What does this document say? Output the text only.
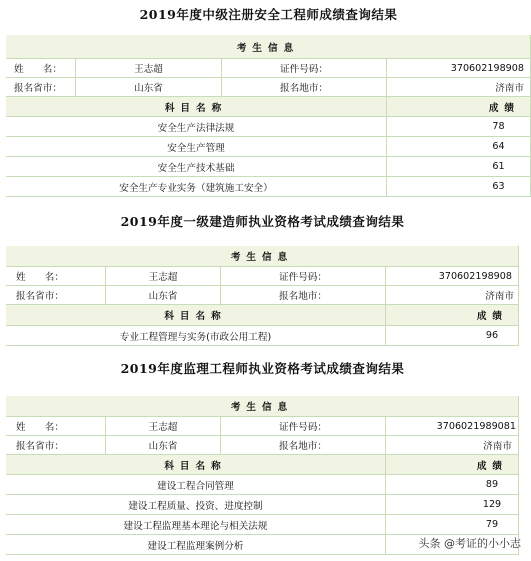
2019年度中级注册安全工程师成绩查询结果
考生信息
姓　　名：	王志超	证件号码：	370602198908
报名省市：	山东省	报名地市：	济南市
科目名称	成绩
安全生产法律法规	78
安全生产管理	64
安全生产技术基础	61
安全生产专业实务（建筑施工安全）	63
2019年度一级建造师执业资格考试成绩查询结果
考生信息
姓　　名：	王志超	证件号码：	370602198908
报名省市：	山东省	报名地市：	济南市
科目名称	成绩
专业工程管理与实务(市政公用工程)	96
2019年度监理工程师执业资格考试成绩查询结果
考生信息
姓　　名：	王志超	证件号码：	3706021989081
报名省市：	山东省	报名地市：	济南市
科目名称	成绩
建设工程合同管理	89
建设工程质量、投资、进度控制	129
建设工程监理基本理论与相关法规	79
建设工程监理案例分析	头条 @考证的小小志
